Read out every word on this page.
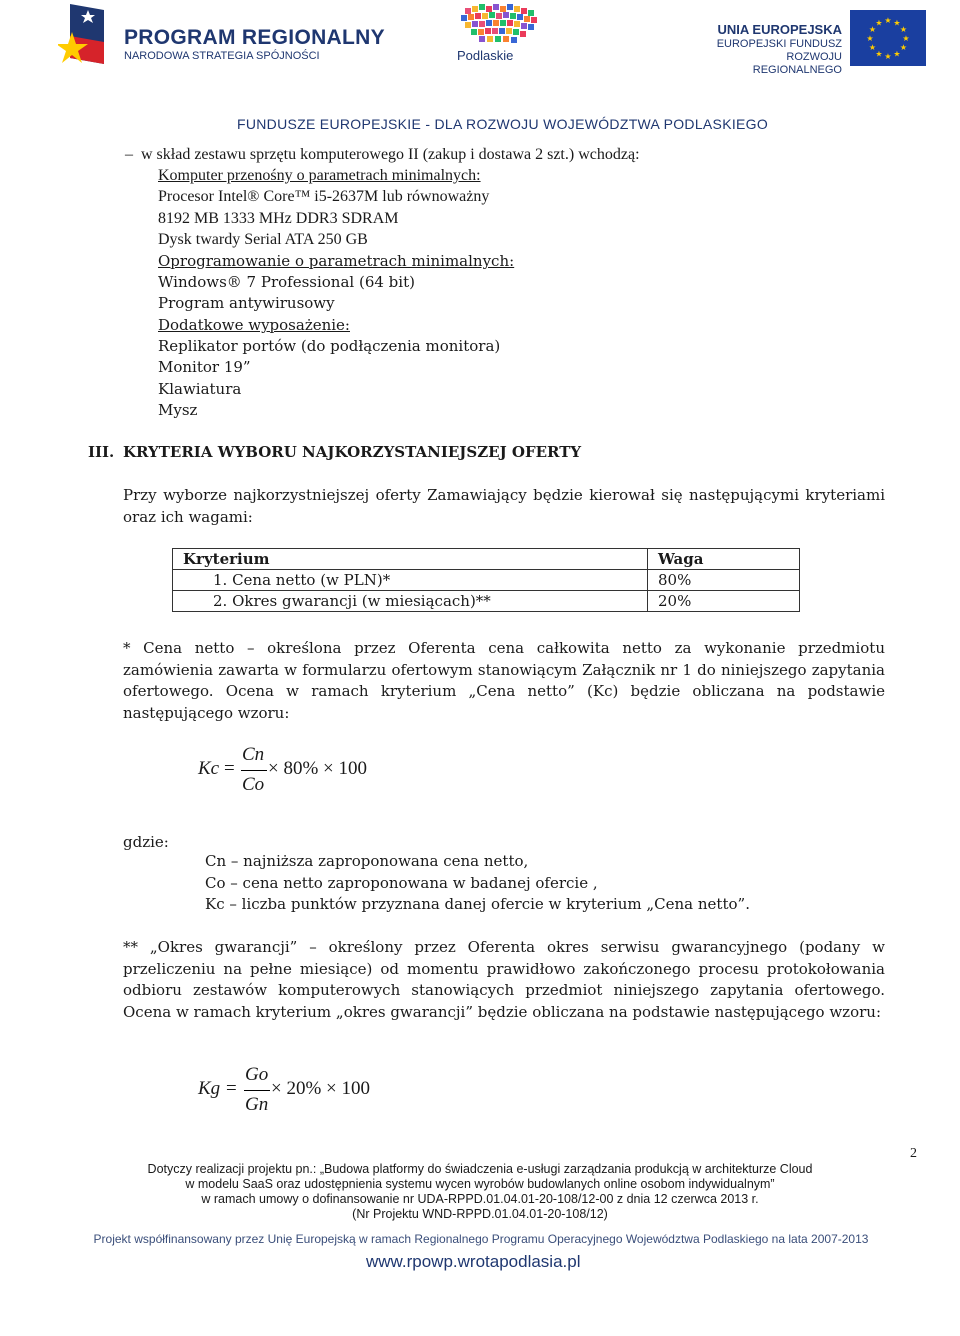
PROGRAM REGIONALNY
NARODOWA STRATEGIA SPÓJNOŚCI	Podlaskie
UNIA EUROPEJSKA
EUROPEJSKI FUNDUSZ
ROZWOJU REGIONALNEGO
★ ★
★
★
★
★
★
★
★
★
★
★
FUNDUSZE EUROPEJSKIE - DLA ROZWOJU WOJEWÓDZTWA PODLASKIEGO
–  w skład zestawu sprzętu komputerowego II (zakup i dostawa 2 szt.) wchodzą:
Komputer przenośny o parametrach minimalnych:
Procesor Intel® Core™ i5-2637M lub równoważny
8192 MB 1333 MHz DDR3 SDRAM
Dysk twardy Serial ATA 250 GB
Oprogramowanie o parametrach minimalnych:
Windows® 7 Professional (64 bit)
Program antywirusowy
Dodatkowe wyposażenie:
Replikator portów (do podłączenia monitora)
Monitor 19”
Klawiatura
Mysz
III. KRYTERIA WYBORU NAJKORZYSTANIEJSZEJ OFERTY
Przy wyborze najkorzystniejszej oferty Zamawiający będzie kierował się następującymi kryteriami oraz ich wagami:
Kryterium	Waga
1. Cena netto (w PLN)*	80%
2. Okres gwarancji (w miesiącach)**	20%
* Cena netto – określona przez Oferenta cena całkowita netto za wykonanie przedmiotu zamówienia zawarta w formularzu ofertowym stanowiącym Załącznik nr 1 do niniejszego zapytania ofertowego. Ocena w ramach kryterium „Cena netto” (Kc) będzie obliczana na podstawie następującego wzoru:
Kc =
Cn
Co
× 80% × 100
gdzie:
Cn – najniższa zaproponowana cena netto,
Co – cena netto zaproponowana w badanej ofercie ,
Kc – liczba punktów przyznana danej ofercie w kryterium „Cena netto”.
** „Okres gwarancji” – określony przez Oferenta okres serwisu gwarancyjnego (podany w przeliczeniu na pełne miesiące) od momentu prawidłowo zakończonego procesu protokołowania odbioru zestawów komputerowych stanowiących przedmiot niniejszego zapytania ofertowego. Ocena w ramach kryterium „okres gwarancji” będzie obliczana na podstawie następującego wzoru:
Kg =
Go
Gn
× 20% × 100
2
Dotyczy realizacji projektu pn.: „Budowa platformy do świadczenia e-usługi zarządzania produkcją w architekturze Cloud
w modelu SaaS oraz udostępnienia systemu wycen wyrobów budowlanych online osobom indywidualnym”
w ramach umowy o dofinansowanie nr UDA-RPPD.01.04.01-20-108/12-00 z dnia 12 czerwca 2013 r.
(Nr Projektu WND-RPPD.01.04.01-20-108/12)
Projekt współfinansowany przez Unię Europejską w ramach Regionalnego Programu Operacyjnego Województwa Podlaskiego na lata 2007-2013
www.rpowp.wrotapodlasia.pl
